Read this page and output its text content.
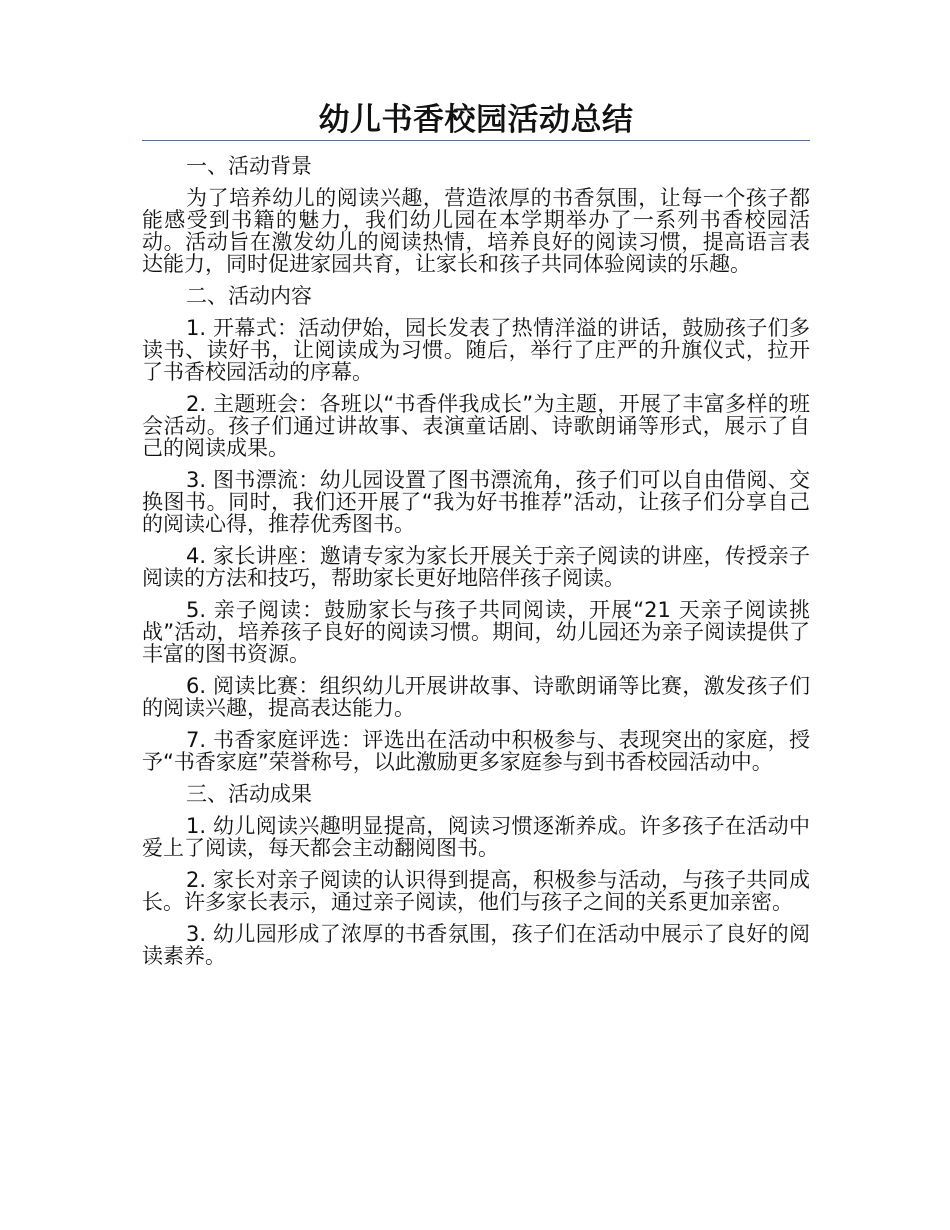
幼儿书香校园活动总结

一、活动背景

为了培养幼儿的阅读兴趣，营造浓厚的书香氛围，让每一个孩子都能感受到书籍的魅力，我们幼儿园在本学期举办了一系列书香校园活动。活动旨在激发幼儿的阅读热情，培养良好的阅读习惯，提高语言表达能力，同时促进家园共育，让家长和孩子共同体验阅读的乐趣。

二、活动内容

1. 开幕式：活动伊始，园长发表了热情洋溢的讲话，鼓励孩子们多读书、读好书，让阅读成为习惯。随后，举行了庄严的升旗仪式，拉开了书香校园活动的序幕。

2. 主题班会：各班以“书香伴我成长”为主题，开展了丰富多样的班会活动。孩子们通过讲故事、表演童话剧、诗歌朗诵等形式，展示了自己的阅读成果。

3. 图书漂流：幼儿园设置了图书漂流角，孩子们可以自由借阅、交换图书。同时，我们还开展了“我为好书推荐”活动，让孩子们分享自己的阅读心得，推荐优秀图书。

4. 家长讲座：邀请专家为家长开展关于亲子阅读的讲座，传授亲子阅读的方法和技巧，帮助家长更好地陪伴孩子阅读。

5. 亲子阅读：鼓励家长与孩子共同阅读，开展“21 天亲子阅读挑战”活动，培养孩子良好的阅读习惯。期间，幼儿园还为亲子阅读提供了丰富的图书资源。

6. 阅读比赛：组织幼儿开展讲故事、诗歌朗诵等比赛，激发孩子们的阅读兴趣，提高表达能力。

7. 书香家庭评选：评选出在活动中积极参与、表现突出的家庭，授予“书香家庭”荣誉称号，以此激励更多家庭参与到书香校园活动中。

三、活动成果

1. 幼儿阅读兴趣明显提高，阅读习惯逐渐养成。许多孩子在活动中爱上了阅读，每天都会主动翻阅图书。

2. 家长对亲子阅读的认识得到提高，积极参与活动，与孩子共同成长。许多家长表示，通过亲子阅读，他们与孩子之间的关系更加亲密。

3. 幼儿园形成了浓厚的书香氛围，孩子们在活动中展示了良好的阅读素养。
